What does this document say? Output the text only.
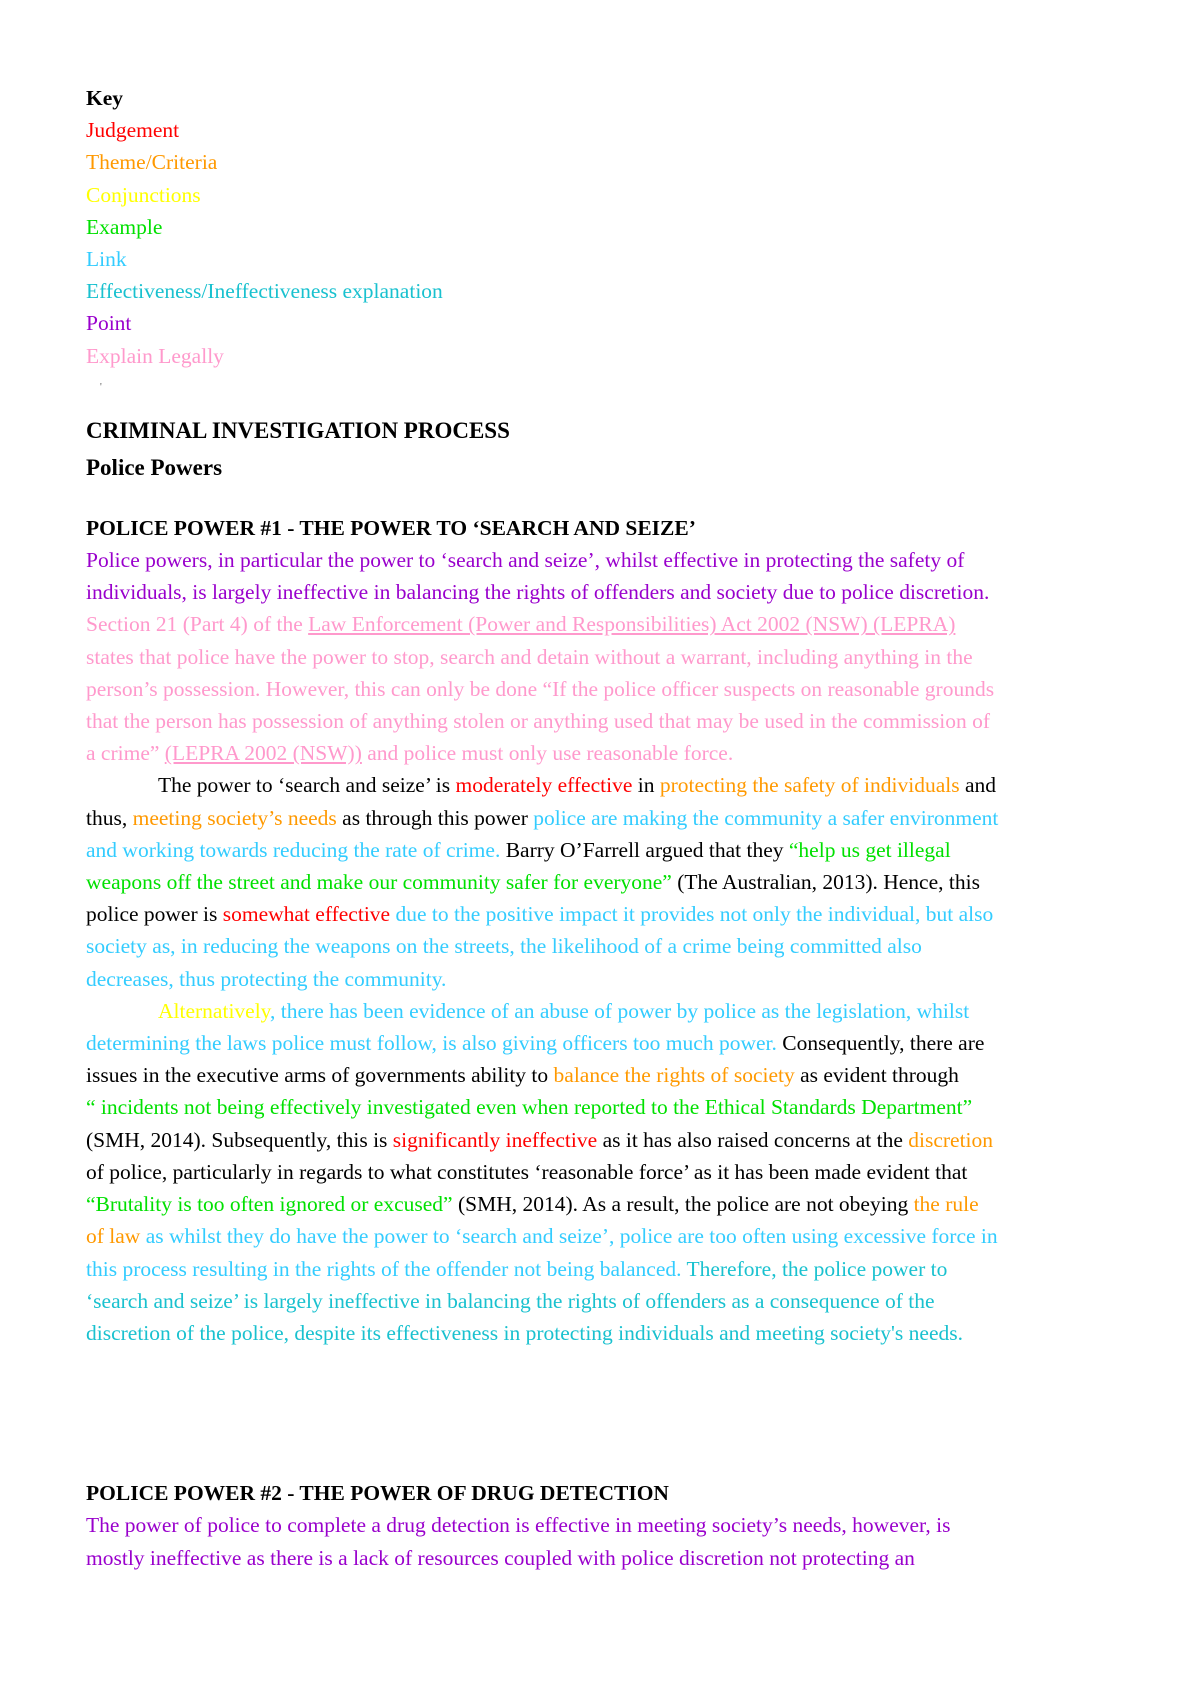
Key
Judgement
Theme/Criteria
Conjunctions
Example
Link
Effectiveness/Ineffectiveness explanation
Point
Explain Legally
'
CRIMINAL INVESTIGATION PROCESS
Police Powers
POLICE POWER #1 - THE POWER TO ‘SEARCH AND SEIZE’
Police powers, in particular the power to ‘search and seize’, whilst effective in protecting the safety of
individuals, is largely ineffective in balancing the rights of offenders and society due to police discretion.
Section 21 (Part 4) of the Law Enforcement (Power and Responsibilities) Act 2002 (NSW) (LEPRA)
states that police have the power to stop, search and detain without a warrant, including anything in the
person’s possession. However, this can only be done “If the police officer suspects on reasonable grounds
that the person has possession of anything stolen or anything used that may be used in the commission of
a crime” (LEPRA 2002 (NSW)) and police must only use reasonable force.
The power to ‘search and seize’ is moderately effective in protecting the safety of individuals and
thus, meeting society’s needs as through this power police are making the community a safer environment
and working towards reducing the rate of crime. Barry O’Farrell argued that they “help us get illegal
weapons off the street and make our community safer for everyone” (The Australian, 2013). Hence, this
police power is somewhat effective due to the positive impact it provides not only the individual, but also
society as, in reducing the weapons on the streets, the likelihood of a crime being committed also
decreases, thus protecting the community.
Alternatively, there has been evidence of an abuse of power by police as the legislation, whilst
determining the laws police must follow, is also giving officers too much power. Consequently, there are
issues in the executive arms of governments ability to balance the rights of society as evident through
“ incidents not being effectively investigated even when reported to the Ethical Standards Department”
(SMH, 2014). Subsequently, this is significantly ineffective as it has also raised concerns at the discretion
of police, particularly in regards to what constitutes ‘reasonable force’ as it has been made evident that
“Brutality is too often ignored or excused” (SMH, 2014). As a result, the police are not obeying the rule
of law as whilst they do have the power to ‘search and seize’, police are too often using excessive force in
this process resulting in the rights of the offender not being balanced. Therefore, the police power to
‘search and seize’ is largely ineffective in balancing the rights of offenders as a consequence of the
discretion of the police, despite its effectiveness in protecting individuals and meeting society's needs.
POLICE POWER #2 - THE POWER OF DRUG DETECTION
The power of police to complete a drug detection is effective in meeting society’s needs, however, is
mostly ineffective as there is a lack of resources coupled with police discretion not protecting an
